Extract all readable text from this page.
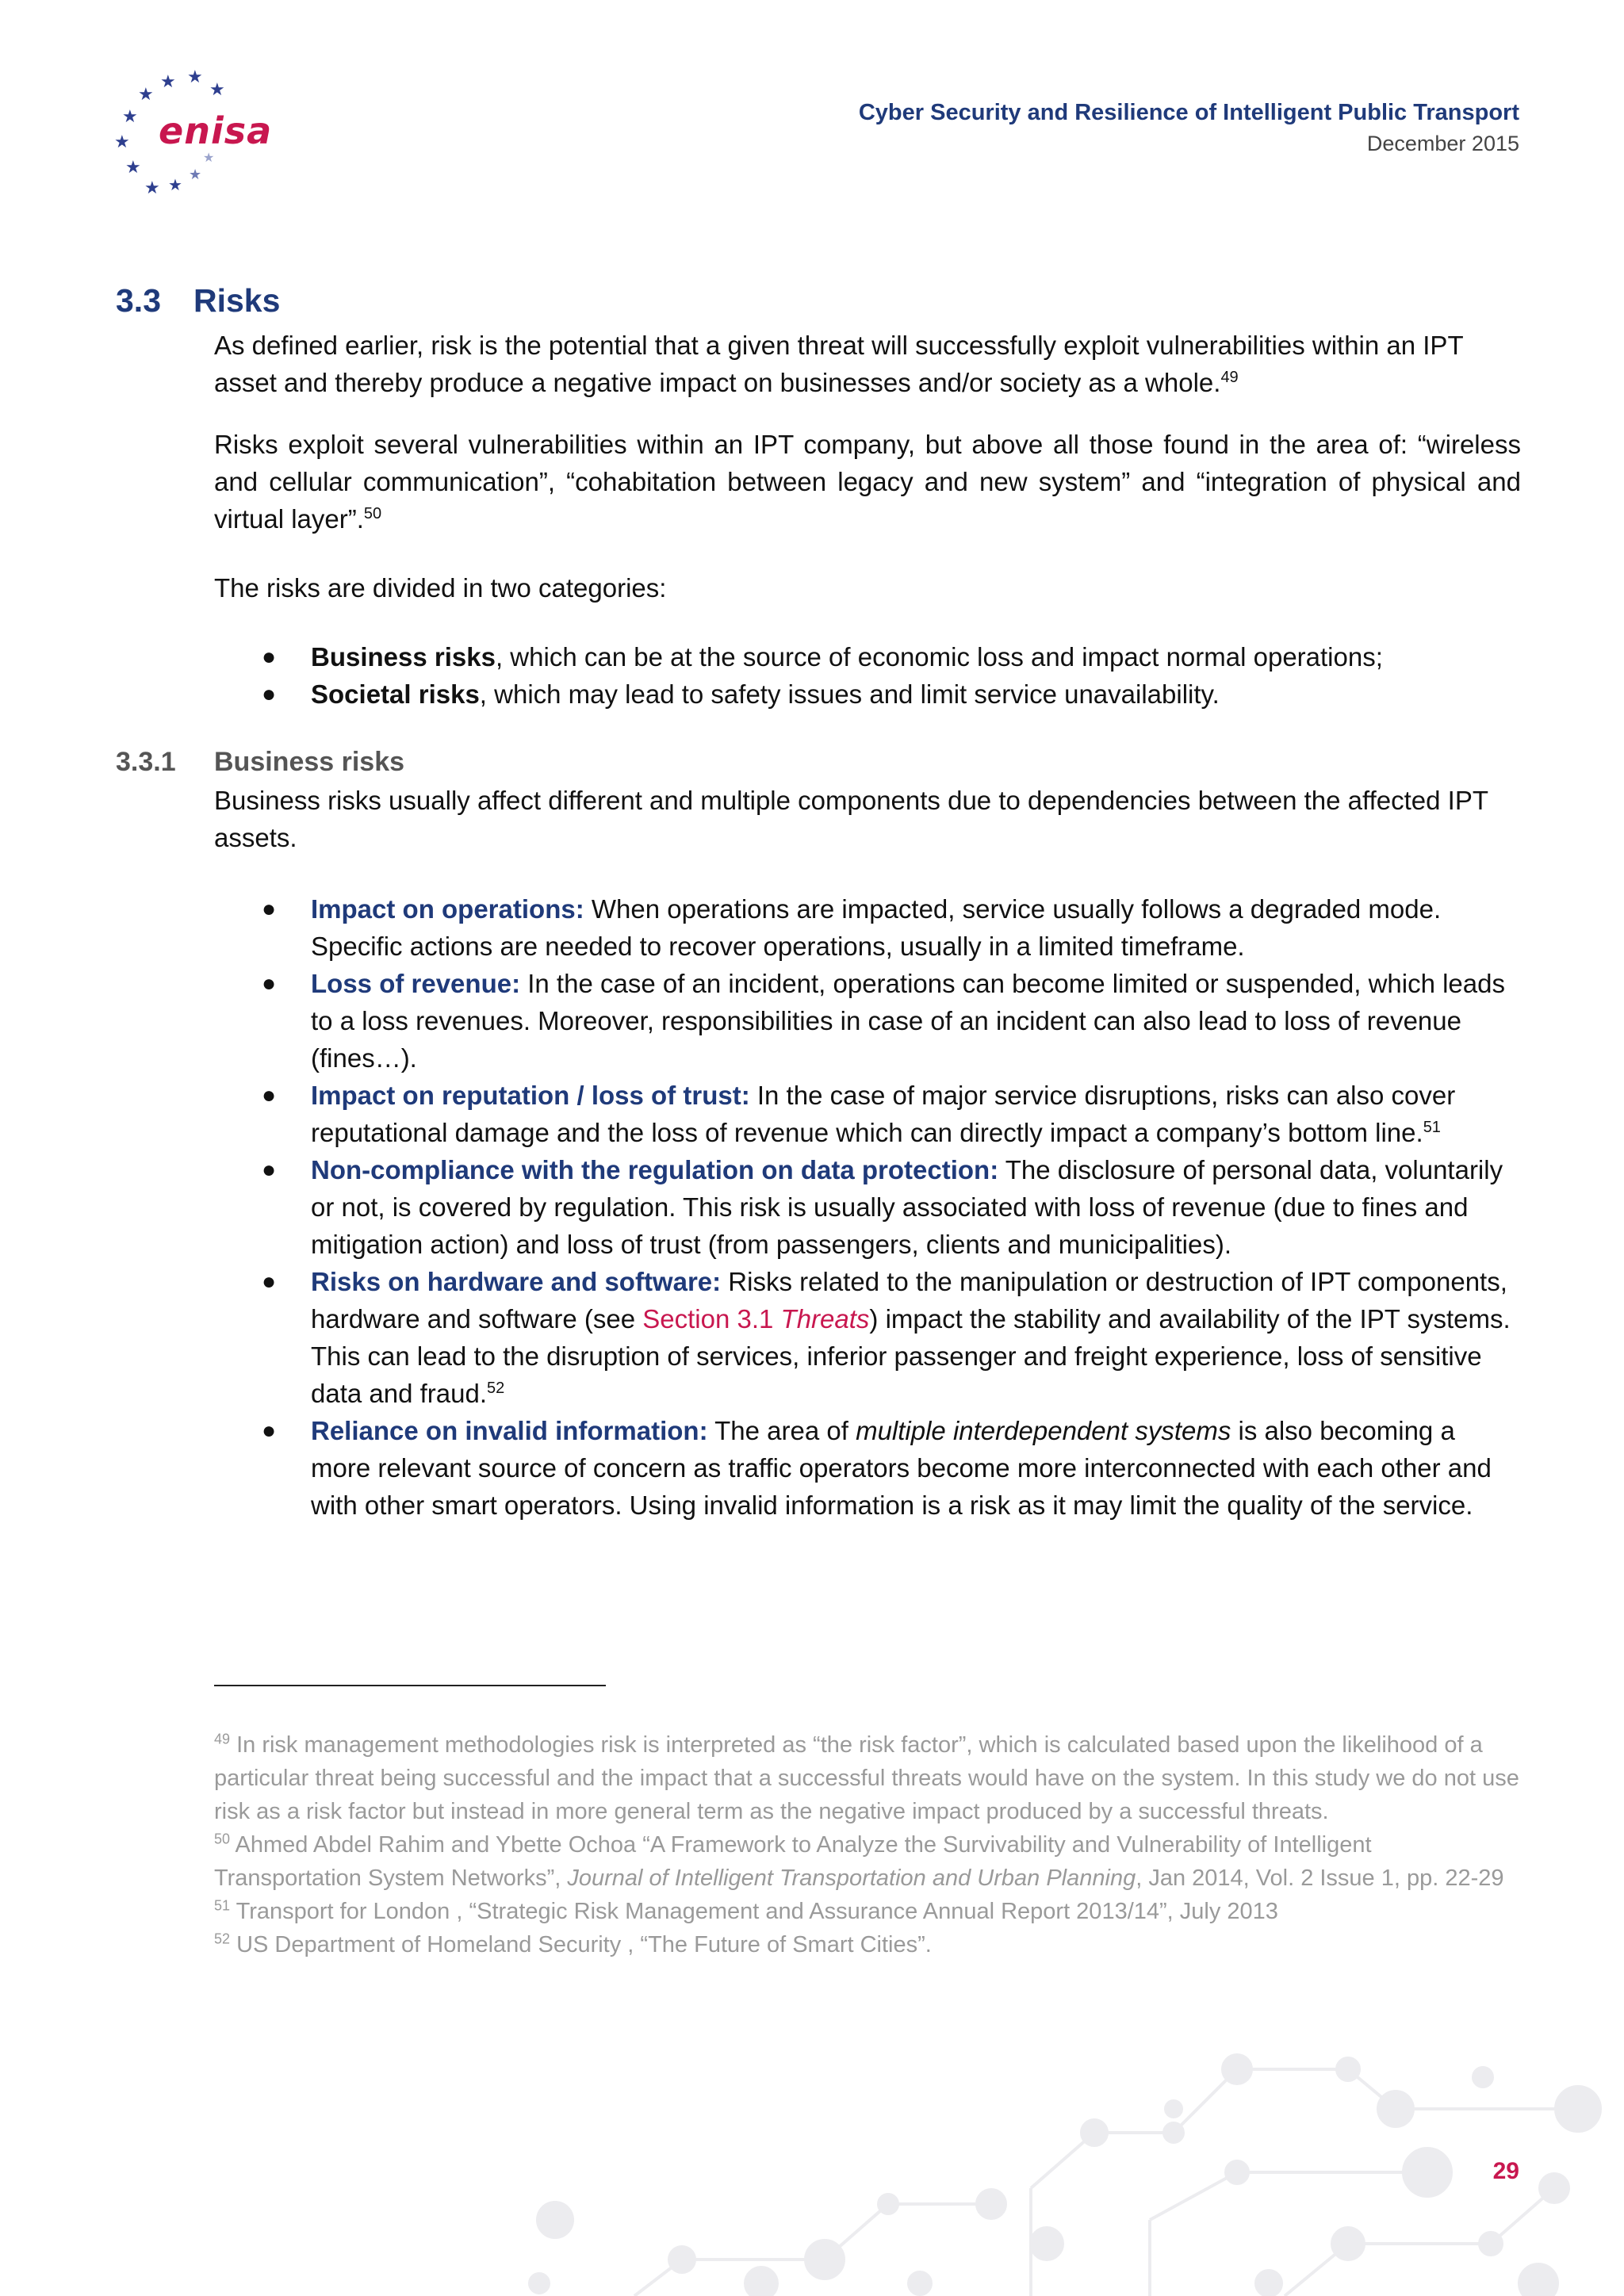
★ ★
★
★
★
★
★
★ ★
★
★
enisa	Cyber Security and Resilience of Intelligent Public Transport
December 2015
3.3 Risks
As defined earlier, risk is the potential that a given threat will successfully exploit vulnerabilities within an IPT asset and thereby produce a negative impact on businesses and/or society as a whole.$^{49}$
Risks exploit several vulnerabilities within an IPT company, but above all those found in the area of: “wireless and cellular communication”, “cohabitation between legacy and new system” and “integration of physical and virtual layer”.$^{50}$
The risks are divided in two categories:
● Business risks, which can be at the source of economic loss and impact normal operations;
● Societal risks, which may lead to safety issues and limit service unavailability.
3.3.1 Business risks
Business risks usually affect different and multiple components due to dependencies between the affected IPT assets.
● Impact on operations: When operations are impacted, service usually follows a degraded mode. Specific actions are needed to recover operations, usually in a limited timeframe.
● Loss of revenue: In the case of an incident, operations can become limited or suspended, which leads to a loss revenues. Moreover, responsibilities in case of an incident can also lead to loss of revenue (fines…).
● Impact on reputation / loss of trust: In the case of major service disruptions, risks can also cover reputational damage and the loss of revenue which can directly impact a company’s bottom line.$^{51}$
● Non-compliance with the regulation on data protection: The disclosure of personal data, voluntarily or not, is covered by regulation. This risk is usually associated with loss of revenue (due to fines and mitigation action) and loss of trust (from passengers, clients and municipalities).
● Risks on hardware and software: Risks related to the manipulation or destruction of IPT components, hardware and software (see Section 3.1 Threats) impact the stability and availability of the IPT systems. This can lead to the disruption of services, inferior passenger and freight experience, loss of sensitive data and fraud.$^{52}$
● Reliance on invalid information: The area of multiple interdependent systems is also becoming a more relevant source of concern as traffic operators become more interconnected with each other and with other smart operators. Using invalid information is a risk as it may limit the quality of the service.
$^{49}$ In risk management methodologies risk is interpreted as “the risk factor”, which is calculated based upon the likelihood of a particular threat being successful and the impact that a successful threats would have on the system. In this study we do not use risk as a risk factor but instead in more general term as the negative impact produced by a successful threats.
$^{50}$ Ahmed Abdel Rahim and Ybette Ochoa “A Framework to Analyze the Survivability and Vulnerability of Intelligent Transportation System Networks”, Journal of Intelligent Transportation and Urban Planning, Jan 2014, Vol. 2 Issue 1, pp. 22-29
$^{51}$ Transport for London , “Strategic Risk Management and Assurance Annual Report 2013/14”, July 2013
$^{52}$ US Department of Homeland Security , “The Future of Smart Cities”.
29
